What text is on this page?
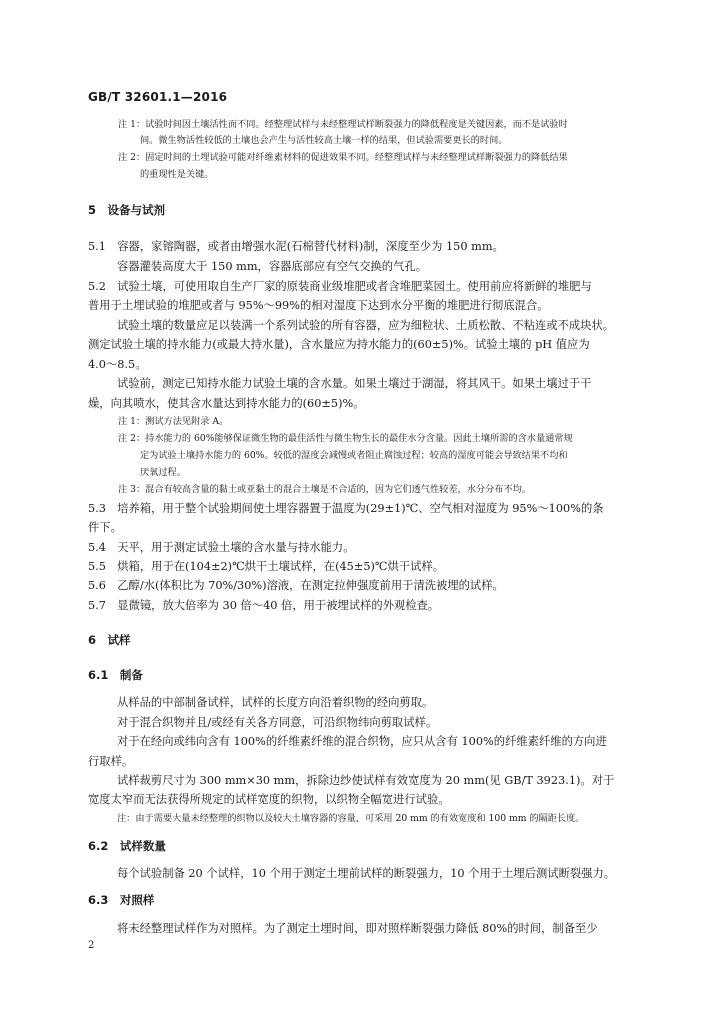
GB/T 32601.1—2016
注 1：试验时间因土壤活性而不同。经整理试样与未经整理试样断裂强力的降低程度是关键因素，而不是试验时
间。微生物活性较低的土壤也会产生与活性较高土壤一样的结果，但试验需要更长的时间。
注 2：固定时间的土埋试验可能对纤维素材料的促进效果不同。经整理试样与未经整理试样断裂强力的降低结果
的重现性是关键。
5　设备与试剂
5.1　容器，家镕陶器，或者由增强水泥(石棉替代材料)制，深度至少为 150 mm。
容器灌装高度大于 150 mm，容器底部应有空气交换的气孔。
5.2　试验土壤，可使用取自生产厂家的原装商业级堆肥或者含堆肥菜园土。使用前应将新鲜的堆肥与
普用于土埋试验的堆肥或者与 95%～99%的相对湿度下达到水分平衡的堆肥进行彻底混合。
试验土壤的数量应足以装满一个系列试验的所有容器，应为细粒状、土质松散、不粘连或不成块状。
测定试验土壤的持水能力(或最大持水量)，含水量应为持水能力的(60±5)%。试验土壤的 pH 值应为
4.0～8.5。
试验前，测定已知持水能力试验土壤的含水量。如果土壤过于湖湿，将其风干。如果土壤过于干
燥，向其喷水，使其含水量达到持水能力的(60±5)%。
注 1：测试方法见附录 A。
注 2：持水能力的 60%能够保证微生物的最佳活性与微生物生长的最佳水分含量。因此土壤所需的含水量通常规
定为试验土壤持水能力的 60%。较低的湿度会减慢或者阻止腐蚀过程；较高的湿度可能会导致结果不均和
厌氧过程。
注 3：混合有较高含量的黏土或亚黏土的混合土壤是不合适的，因为它们透气性较差，水分分布不均。
5.3　培养箱，用于整个试验期间使土埋容器置于温度为(29±1)℃、空气相对湿度为 95%～100%的条
件下。
5.4　天平，用于测定试验土壤的含水量与持水能力。
5.5　烘箱，用于在(104±2)℃烘干土壤试样，在(45±5)℃烘干试样。
5.6　乙醇/水(体积比为 70%/30%)溶液，在测定拉伸强度前用于清洗被埋的试样。
5.7　显微镜，放大倍率为 30 倍～40 倍，用于被埋试样的外观检查。
6　试样
6.1　制备
从样品的中部制备试样，试样的长度方向沿着织物的经向剪取。
对于混合织物并且/或经有关各方同意，可沿织物纬向剪取试样。
对于在经向或纬向含有 100%的纤维素纤维的混合织物，应只从含有 100%的纤维素纤维的方向进
行取样。
试样裁剪尺寸为 300 mm×30 mm，拆除边纱使试样有效宽度为 20 mm(见 GB/T 3923.1)。对于
宽度太窄而无法获得所规定的试样宽度的织物，以织物全幅宽进行试验。
注：由于需要大量未经整理的织物以及较大土壤容器的容量，可采用 20 mm 的有效宽度和 100 mm 的隔距长度。
6.2　试样数量
每个试验制备 20 个试样，10 个用于测定土埋前试样的断裂强力，10 个用于土埋后测试断裂强力。
6.3　对照样
将未经整理试样作为对照样。为了测定土埋时间，即对照样断裂强力降低 80%的时间，制备至少
2
